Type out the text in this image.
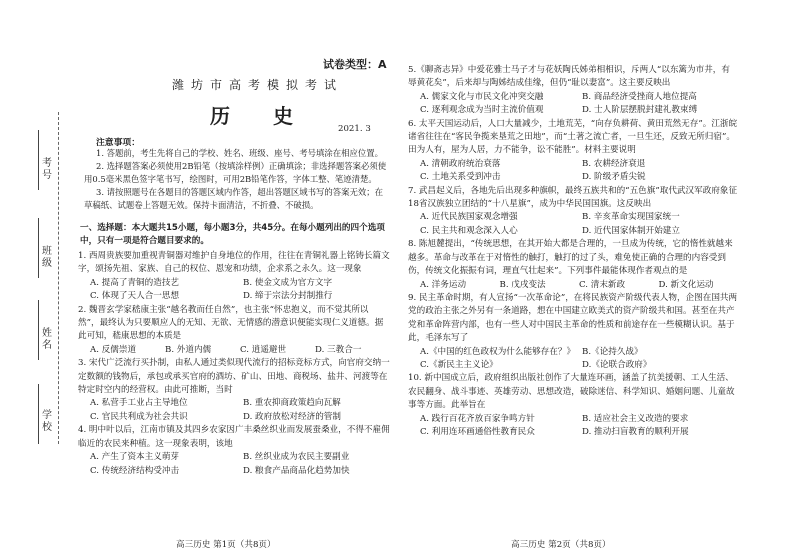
考号
班级
姓名
学校
试卷类型：A
潍坊市高考模拟考试
历 史
2021. 3
注意事项：

1. 答题前，考生先将自己的学校、姓名、班级、座号、考号填涂在相应位置。

2. 选择题答案必须使用2B铅笔（按填涂样例）正确填涂；非选择题答案必须使用0.5毫米黑色签字笔书写，绘图时，可用2B铅笔作答，字体工整、笔迹清楚。

3. 请按照题号在各题目的答题区域内作答，超出答题区域书写的答案无效；在草稿纸、试题卷上答题无效。保持卡面清洁，不折叠、不破损。

一、选择题：本大题共15小题，每小题3分，共45分。在每小题列出的四个选项中，只有一项是符合题目要求的。

1. 西周贵族要加重视青铜器对维护自身地位的作用，往往在青铜礼器上铭铸长篇文字，颂扬先祖、家族、自己的权位、恩宠和功绩，企求系之永久。这一现象

A. 提高了青铜的造技艺	B. 使金文成为官方文字
C. 体现了天人合一思想	D. 缔于宗法分封制推行

2. 魏晋玄学家嵇康主张“越名教而任自然”，也主张“怀忠抱义，而不觉其所以然”，最终认为只要顺应人的无知、无欲、无情感的潜意识便能实现仁义道德。据此可知，嵇康思想的本质是

A. 反儒崇道	B. 外道内儒	C. 逍遥避世	D. 三教合一

3. 宋代广泛流行买扑制，由私人通过类似现代流行的招标竞标方式，向官府交纳一定数额的钱物后，承包或承买官府的酒坊、矿山、田地、商税场、盐井、河渡等在特定时空内的经营权。由此可推断，当时

A. 私营手工业占主导地位	B. 重农抑商政策趋向瓦解
C. 官民共利成为社会共识	D. 政府放松对经济的管制

4. 明中叶以后，江南市镇及其四乡农家因广丰桑丝织业而发展蚕桑业，不得不雇佣临近的农民来种植。这一现象表明，该地

A. 产生了资本主义萌芽	B. 丝织业成为农民主要副业
C. 传统经济结构受冲击	D. 粮食产品商品化趋势加快

5.《聊斋志异》中爱花雅士马子才与花妖陶氏姊弟相相识，斥两人“以东篱为市井，有辱黄花矣”，后来却与陶姊结成佳缘，但仍“耻以妻富”。这主要反映出

A. 儒家文化与市民文化冲突交融	B. 商品经济受挫商人地位提高
C. 逐利观念成为当时主流价值观	D. 士人阶层摆脱封建礼教束缚

6. 太平天国运动后，人口大量减少，土地荒芜，“向存负耕荷、黄田荒然无存”。江浙皖诸省往往在“客民争揽来垦荒之田地”，而“土著之流亡者，一旦生还，反致无所归宿”。田为人有，屋为人居，力不能争，讼不能胜”。材料主要说明

A. 清朝政府统治衰落	B. 农耕经济衰退
C. 土地关系受到冲击	D. 阶级矛盾尖锐

7. 武昌起义后，各地先后出现多种旗帜，最终五族共和的“五色旗”取代武汉军政府象征18省汉族独立团结的“十八星旗”，成为中华民国国旗。这反映出

A. 近代民族国家观念增强	B. 辛亥革命实现国家统一
C. 民主共和观念深入人心	D. 近代国家体制开始建立

8. 陈旭麓提出，“传统思想，在其开始大都是合理的，一旦成为传统，它的惰性就越来越多。革命与改革在于对惰性的触打，触打的过了头，难免使正确的合理的内容受到伤，传统文化振振有词，理直气壮起来”。下列事件最能体现作者观点的是

A. 洋务运动	B. 戊戌变法	C. 清末新政	D. 新文化运动

9. 民主革命时期，有人宣扬“一次革命论”，在将民族资产阶级代表人物，企图在国共两党的政治主张之外另有一条道路，想在中国建立欧美式的资产阶级共和国。甚至在共产党和革命阵营内部，也有一些人对中国民主革命的性质和前途存在一些模糊认识。基于此，毛泽东写了

A.《中国的红色政权为什么能够存在？》 B.《论持久战》
C.《新民主主义论》	D.《论联合政府》

10. 新中国成立后，政府组织出版社创作了大量连环画，涵盖了抗美援朝、工人生活、农民翻身、战斗事迹、英雄劳动、思想改造，破除迷信、科学知识、婚姻问题、儿童故事等方面。此举旨在

A. 践行百花齐放百家争鸣方针	B. 适应社会主义改造的要求
C. 利用连环画通俗性教育民众	D. 推动扫盲教育的顺利开展
高三历史 第1页（共8页）	高三历史 第2页（共8页）
